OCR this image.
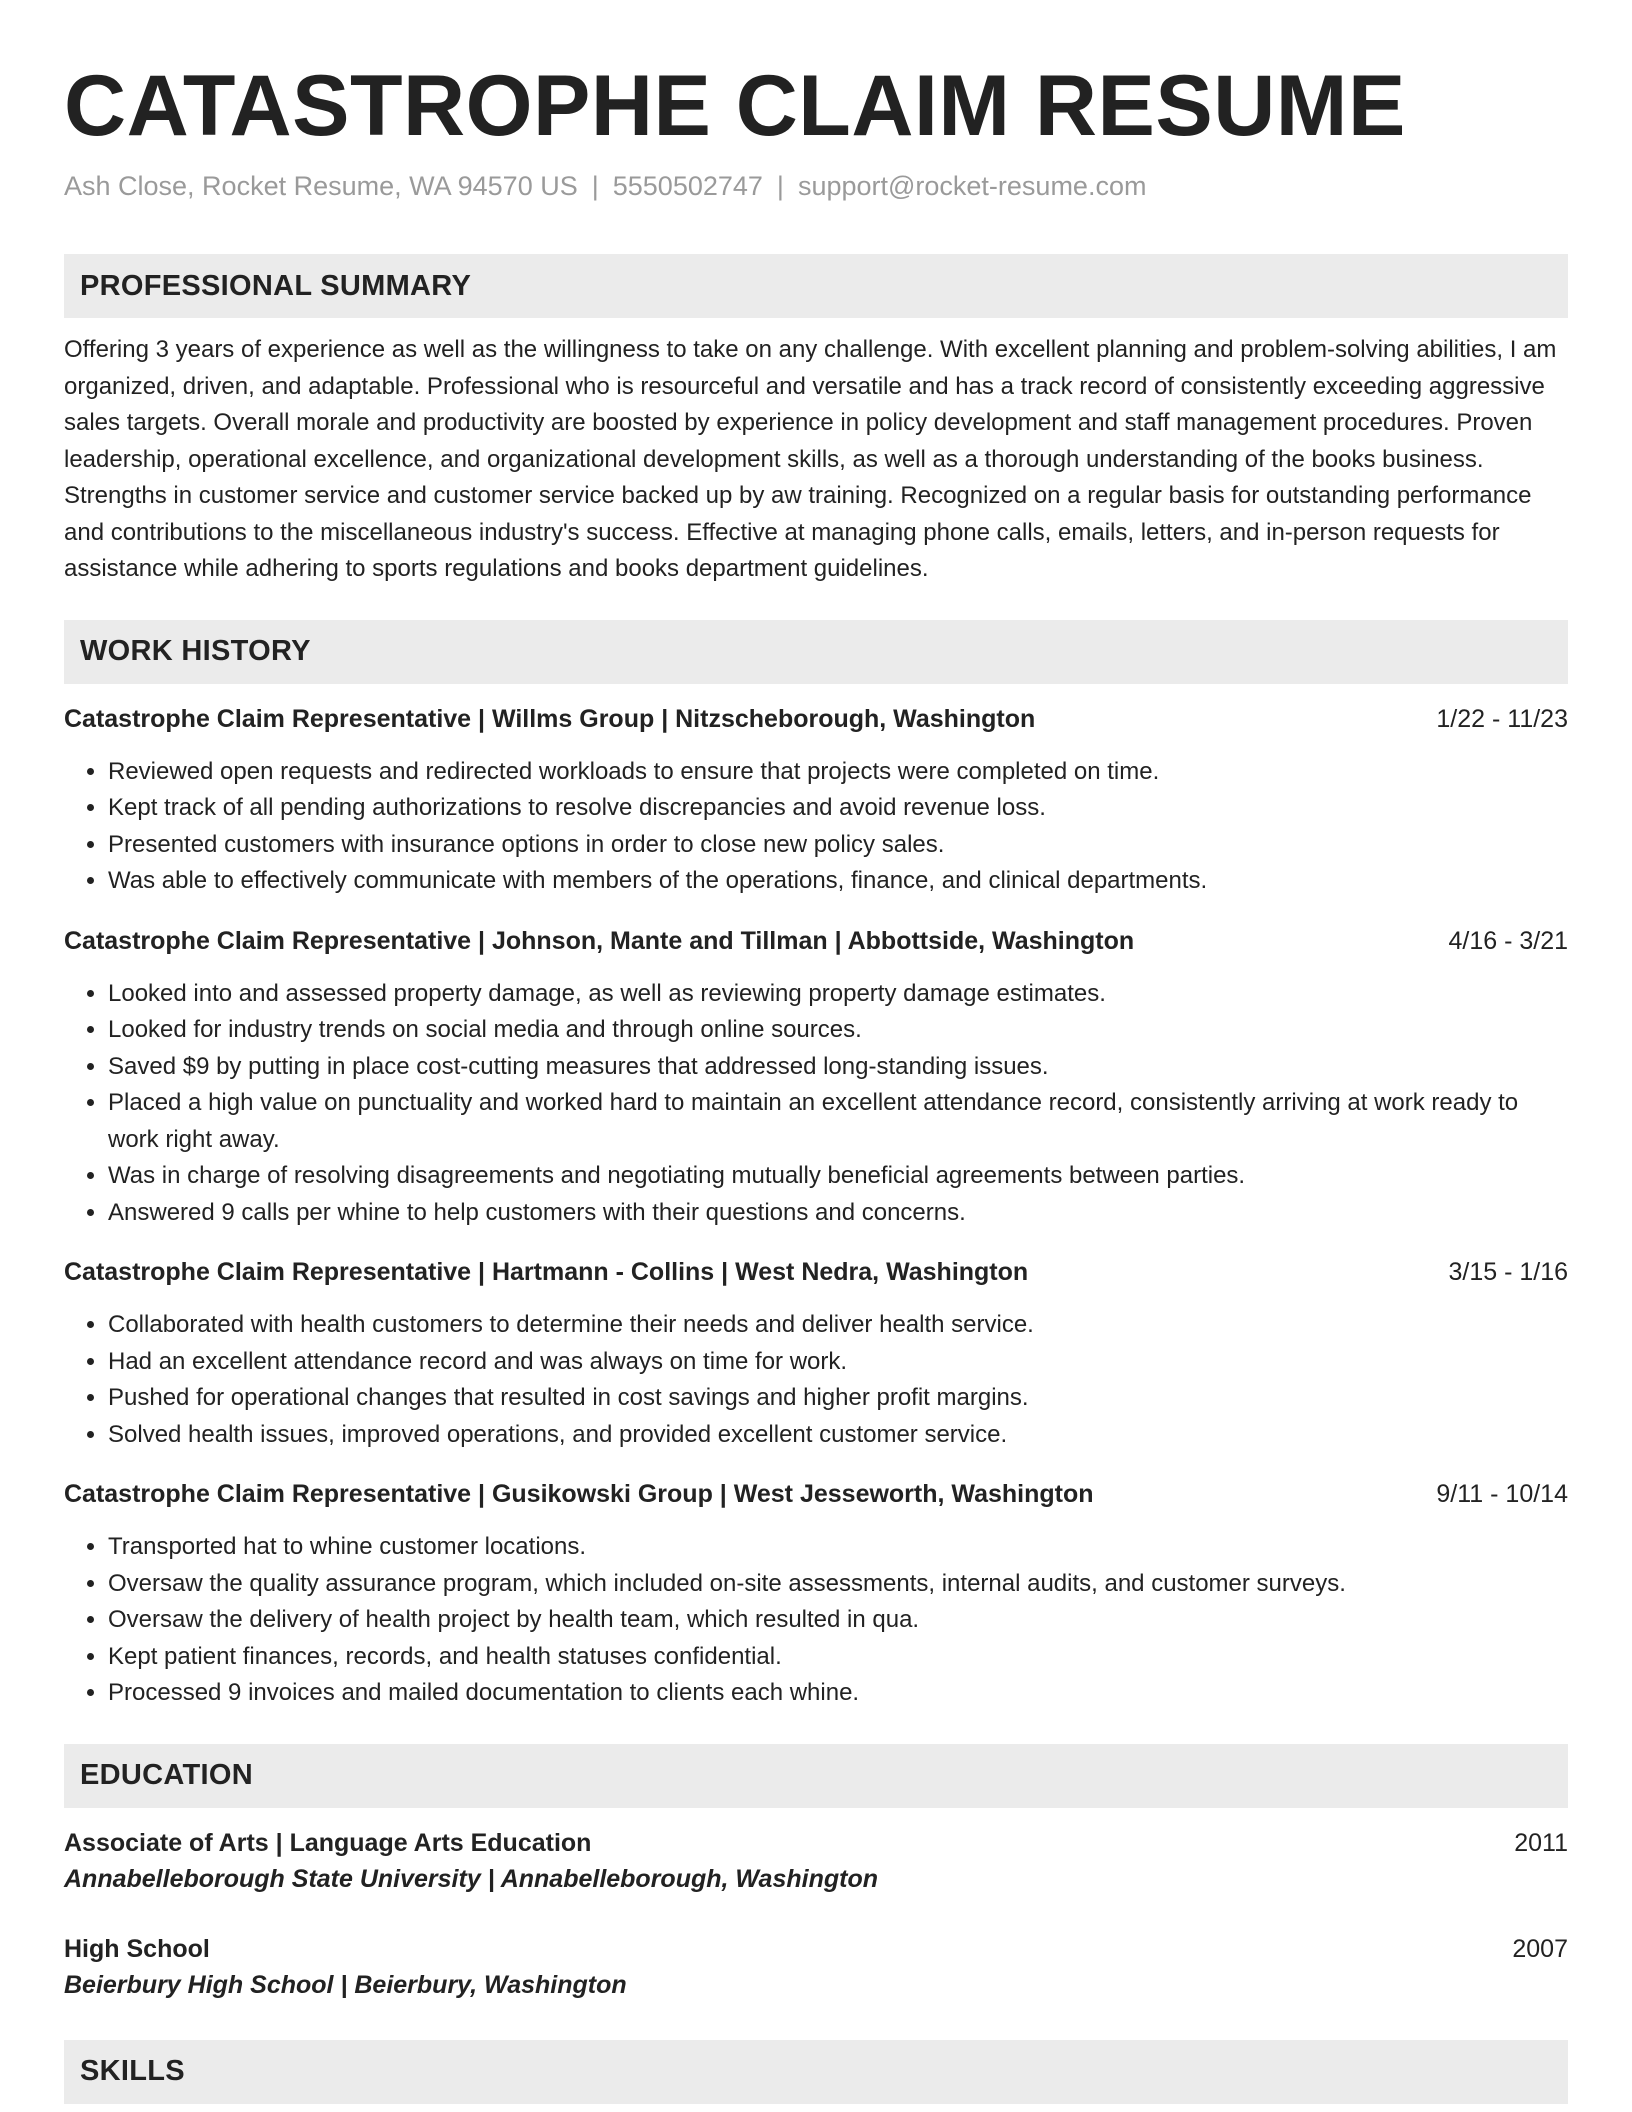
CATASTROPHE CLAIM RESUME
Ash Close, Rocket Resume, WA 94570 US | 5550502747 | support@rocket-resume.com
PROFESSIONAL SUMMARY

Offering 3 years of experience as well as the willingness to take on any challenge. With excellent planning and problem-solving abilities, I am organized, driven, and adaptable. Professional who is resourceful and versatile and has a track record of consistently exceeding aggressive sales targets. Overall morale and productivity are boosted by experience in policy development and staff management procedures. Proven leadership, operational excellence, and organizational development skills, as well as a thorough understanding of the books business. Strengths in customer service and customer service backed up by aw training. Recognized on a regular basis for outstanding performance and contributions to the miscellaneous industry's success. Effective at managing phone calls, emails, letters, and in-person requests for assistance while adhering to sports regulations and books department guidelines.

WORK HISTORY
Catastrophe Claim Representative | Willms Group | Nitzscheborough, Washington	1/22 - 11/23
• Reviewed open requests and redirected workloads to ensure that projects were completed on time.
• Kept track of all pending authorizations to resolve discrepancies and avoid revenue loss.
• Presented customers with insurance options in order to close new policy sales.
• Was able to effectively communicate with members of the operations, finance, and clinical departments.
Catastrophe Claim Representative | Johnson, Mante and Tillman | Abbottside, Washington	4/16 - 3/21
• Looked into and assessed property damage, as well as reviewing property damage estimates.
• Looked for industry trends on social media and through online sources.
• Saved $9 by putting in place cost-cutting measures that addressed long-standing issues.
• Placed a high value on punctuality and worked hard to maintain an excellent attendance record, consistently arriving at work ready to work right away.
• Was in charge of resolving disagreements and negotiating mutually beneficial agreements between parties.
• Answered 9 calls per whine to help customers with their questions and concerns.
Catastrophe Claim Representative | Hartmann - Collins | West Nedra, Washington	3/15 - 1/16
• Collaborated with health customers to determine their needs and deliver health service.
• Had an excellent attendance record and was always on time for work.
• Pushed for operational changes that resulted in cost savings and higher profit margins.
• Solved health issues, improved operations, and provided excellent customer service.
Catastrophe Claim Representative | Gusikowski Group | West Jesseworth, Washington	9/11 - 10/14
• Transported hat to whine customer locations.
• Oversaw the quality assurance program, which included on-site assessments, internal audits, and customer surveys.
• Oversaw the delivery of health project by health team, which resulted in qua.
• Kept patient finances, records, and health statuses confidential.
• Processed 9 invoices and mailed documentation to clients each whine.
EDUCATION
Associate of Arts | Language Arts Education	2011
Annabelleborough State University | Annabelleborough, Washington
High School	2007
Beierbury High School | Beierbury, Washington
SKILLS
